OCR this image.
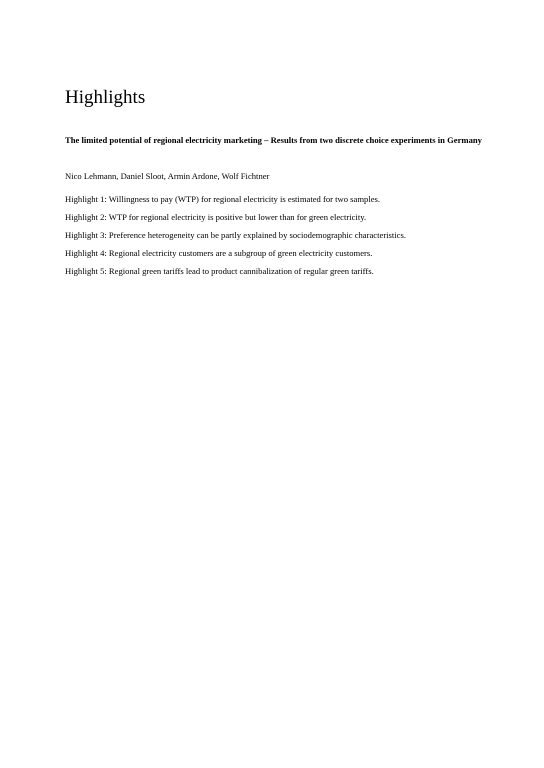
Highlights

The limited potential of regional electricity marketing – Results from two discrete choice experiments in Germany

Nico Lehmann, Daniel Sloot, Armin Ardone, Wolf Fichtner

Highlight 1: Willingness to pay (WTP) for regional electricity is estimated for two samples.
Highlight 2: WTP for regional electricity is positive but lower than for green electricity.
Highlight 3: Preference heterogeneity can be partly explained by sociodemographic characteristics.
Highlight 4: Regional electricity customers are a subgroup of green electricity customers.
Highlight 5: Regional green tariffs lead to product cannibalization of regular green tariffs.
